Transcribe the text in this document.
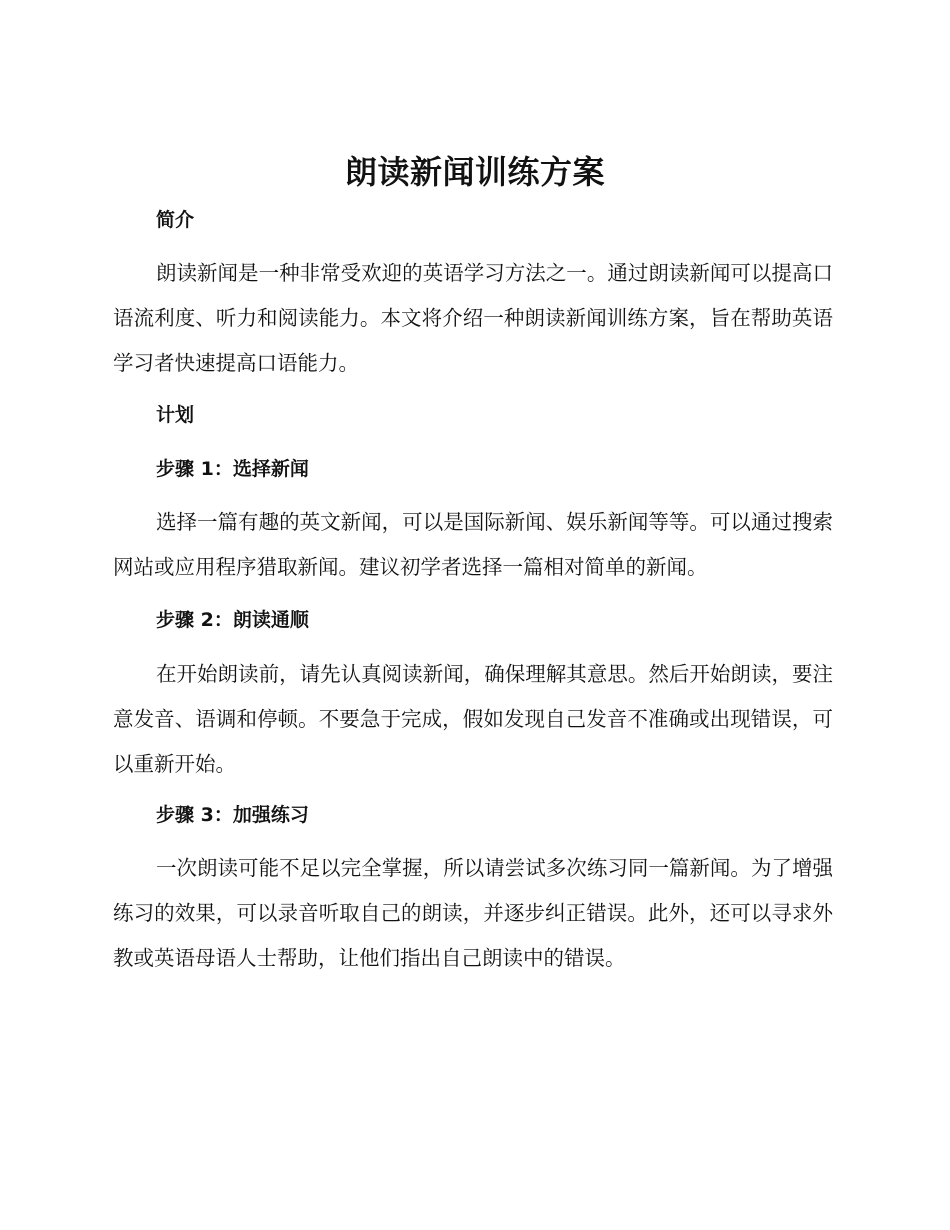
朗读新闻训练方案
简介

朗读新闻是一种非常受欢迎的英语学习方法之一。通过朗读新闻可以提高口语流利度、听力和阅读能力。本文将介绍一种朗读新闻训练方案，旨在帮助英语学习者快速提高口语能力。

计划
步骤 1：选择新闻

选择一篇有趣的英文新闻，可以是国际新闻、娱乐新闻等等。可以通过搜索网站或应用程序猎取新闻。建议初学者选择一篇相对简单的新闻。

步骤 2：朗读通顺

在开始朗读前，请先认真阅读新闻，确保理解其意思。然后开始朗读，要注意发音、语调和停顿。不要急于完成，假如发现自己发音不准确或出现错误，可以重新开始。

步骤 3：加强练习

一次朗读可能不足以完全掌握，所以请尝试多次练习同一篇新闻。为了增强练习的效果，可以录音听取自己的朗读，并逐步纠正错误。此外，还可以寻求外教或英语母语人士帮助，让他们指出自己朗读中的错误。
